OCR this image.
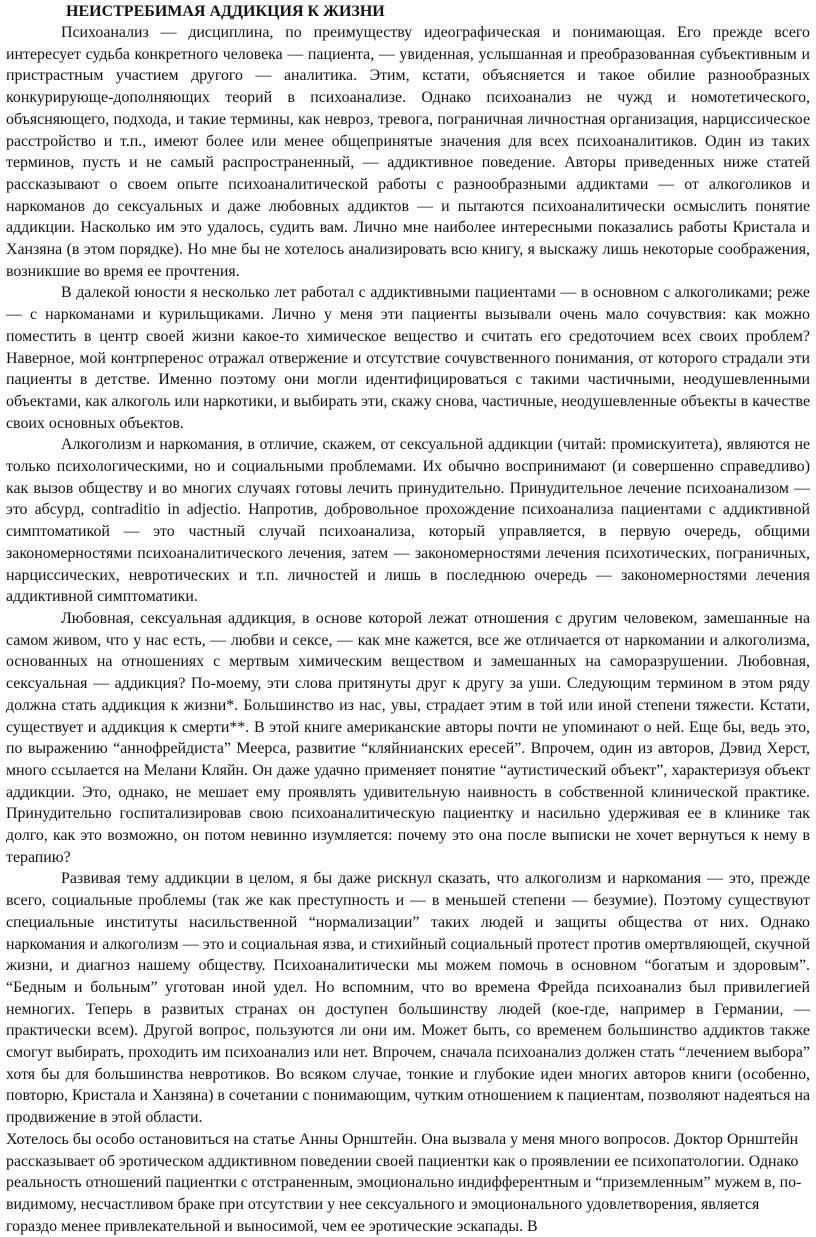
НЕИСТРЕБИМАЯ АДДИКЦИЯ К ЖИЗНИ

Психоанализ — дисциплина, по преимуществу идеографическая и понимающая. Его прежде всего интересует судьба конкретного человека — пациента, — увиденная, услышанная и преобразованная субъективным и пристрастным участием другого — аналитика. Этим, кстати, объясняется и такое обилие разнообразных конкурирующе-дополняющих теорий в психоанализе. Однако психоанализ не чужд и номотетического, объясняющего, подхода, и такие термины, как невроз, тревога, пограничная личностная организация, нарциссическое расстройство и т.п., имеют более или менее общепринятые значения для всех психоаналитиков. Один из таких терминов, пусть и не самый распространенный, — аддиктивное поведение. Авторы приведенных ниже статей рассказывают о своем опыте психоаналитической работы с разнообразными аддиктами — от алкоголиков и наркоманов до сексуальных и даже любовных аддиктов — и пытаются психоаналитически осмыслить понятие аддикции. Насколько им это удалось, судить вам. Лично мне наиболее интересными показались работы Кристала и Ханзяна (в этом порядке). Но мне бы не хотелось анализировать всю книгу, я выскажу лишь некоторые соображения, возникшие во время ее прочтения.

В далекой юности я несколько лет работал с аддиктивными пациентами — в основном с алкоголиками; реже — с наркоманами и курильщиками. Лично у меня эти пациенты вызывали очень мало сочувствия: как можно поместить в центр своей жизни какое-то химическое вещество и считать его средоточием всех своих проблем? Наверное, мой контрперенос отражал отвержение и отсутствие сочувственного понимания, от которого страдали эти пациенты в детстве. Именно поэтому они могли идентифицироваться с такими частичными, неодушевленными объектами, как алкоголь или наркотики, и выбирать эти, скажу снова, частичные, неодушевленные объекты в качестве своих основных объектов.

Алкоголизм и наркомания, в отличие, скажем, от сексуальной аддикции (читай: промискуитета), являются не только психологическими, но и социальными проблемами. Их обычно воспринимают (и совершенно справедливо) как вызов обществу и во многих случаях готовы лечить принудительно. Принудительное лечение психоанализом — это абсурд, contraditio in adjectio. Напротив, добровольное прохождение психоанализа пациентами с аддиктивной симптоматикой — это частный случай психоанализа, который управляется, в первую очередь, общими закономерностями психоаналитического лечения, затем — закономерностями лечения психотических, пограничных, нарциссических, невротических и т.п. личностей и лишь в последнюю очередь — закономерностями лечения аддиктивной симптоматики.

Любовная, сексуальная аддикция, в основе которой лежат отношения с другим человеком, замешанные на самом живом, что у нас есть, — любви и сексе, — как мне кажется, все же отличается от наркомании и алкоголизма, основанных на отношениях с мертвым химическим веществом и замешанных на саморазрушении. Любовная, сексуальная — аддикция? По-моему, эти слова притянуты друг к другу за уши. Следующим термином в этом ряду должна стать аддикция к жизни*. Большинство из нас, увы, страдает этим в той или иной степени тяжести. Кстати, существует и аддикция к смерти**. В этой книге американские авторы почти не упоминают о ней. Еще бы, ведь это, по выражению “аннофрейдиста” Меерса, развитие “кляйнианских ересей”. Впрочем, один из авторов, Дэвид Херст, много ссылается на Мелани Кляйн. Он даже удачно применяет понятие “аутистический объект”, характеризуя объект аддикции. Это, однако, не мешает ему проявлять удивительную наивность в собственной клинической практике. Принудительно госпитализировав свою психоаналитическую пациентку и насильно удерживая ее в клинике так долго, как это возможно, он потом невинно изумляется: почему это она после выписки не хочет вернуться к нему в терапию?

Развивая тему аддикции в целом, я бы даже рискнул сказать, что алкоголизм и наркомания — это, прежде всего, социальные проблемы (так же как преступность и — в меньшей степени — безумие). Поэтому существуют специальные институты насильственной “нормализации” таких людей и защиты общества от них. Однако наркомания и алкоголизм — это и социальная язва, и стихийный социальный протест против омертвляющей, скучной жизни, и диагноз нашему обществу. Психоаналитически мы можем помочь в основном “богатым и здоровым”. “Бедным и больным” уготован иной удел. Но вспомним, что во времена Фрейда психоанализ был привилегией немногих. Теперь в развитых странах он доступен большинству людей (кое-где, например в Германии, — практически всем). Другой вопрос, пользуются ли они им. Может быть, со временем большинство аддиктов также смогут выбирать, проходить им психоанализ или нет. Впрочем, сначала психоанализ должен стать “лечением выбора” хотя бы для большинства невротиков. Во всяком случае, тонкие и глубокие идеи многих авторов книги (особенно, повторю, Кристала и Ханзяна) в сочетании с понимающим, чутким отношением к пациентам, позволяют надеяться на продвижение в этой области.

Хотелось бы особо остановиться на статье Анны Орнштейн. Она вызвала у меня много вопросов. Доктор Орнштейн рассказывает об эротическом аддиктивном поведении своей пациентки как о проявлении ее психопатологии. Однако реальность отношений пациентки с отстраненным, эмоционально индифферентным и “приземленным” мужем в, по-видимому, несчастливом браке при отсутствии у нее сексуального и эмоционального удовлетворения, является гораздо менее привлекательной и выносимой, чем ее эротические эскапады. В
